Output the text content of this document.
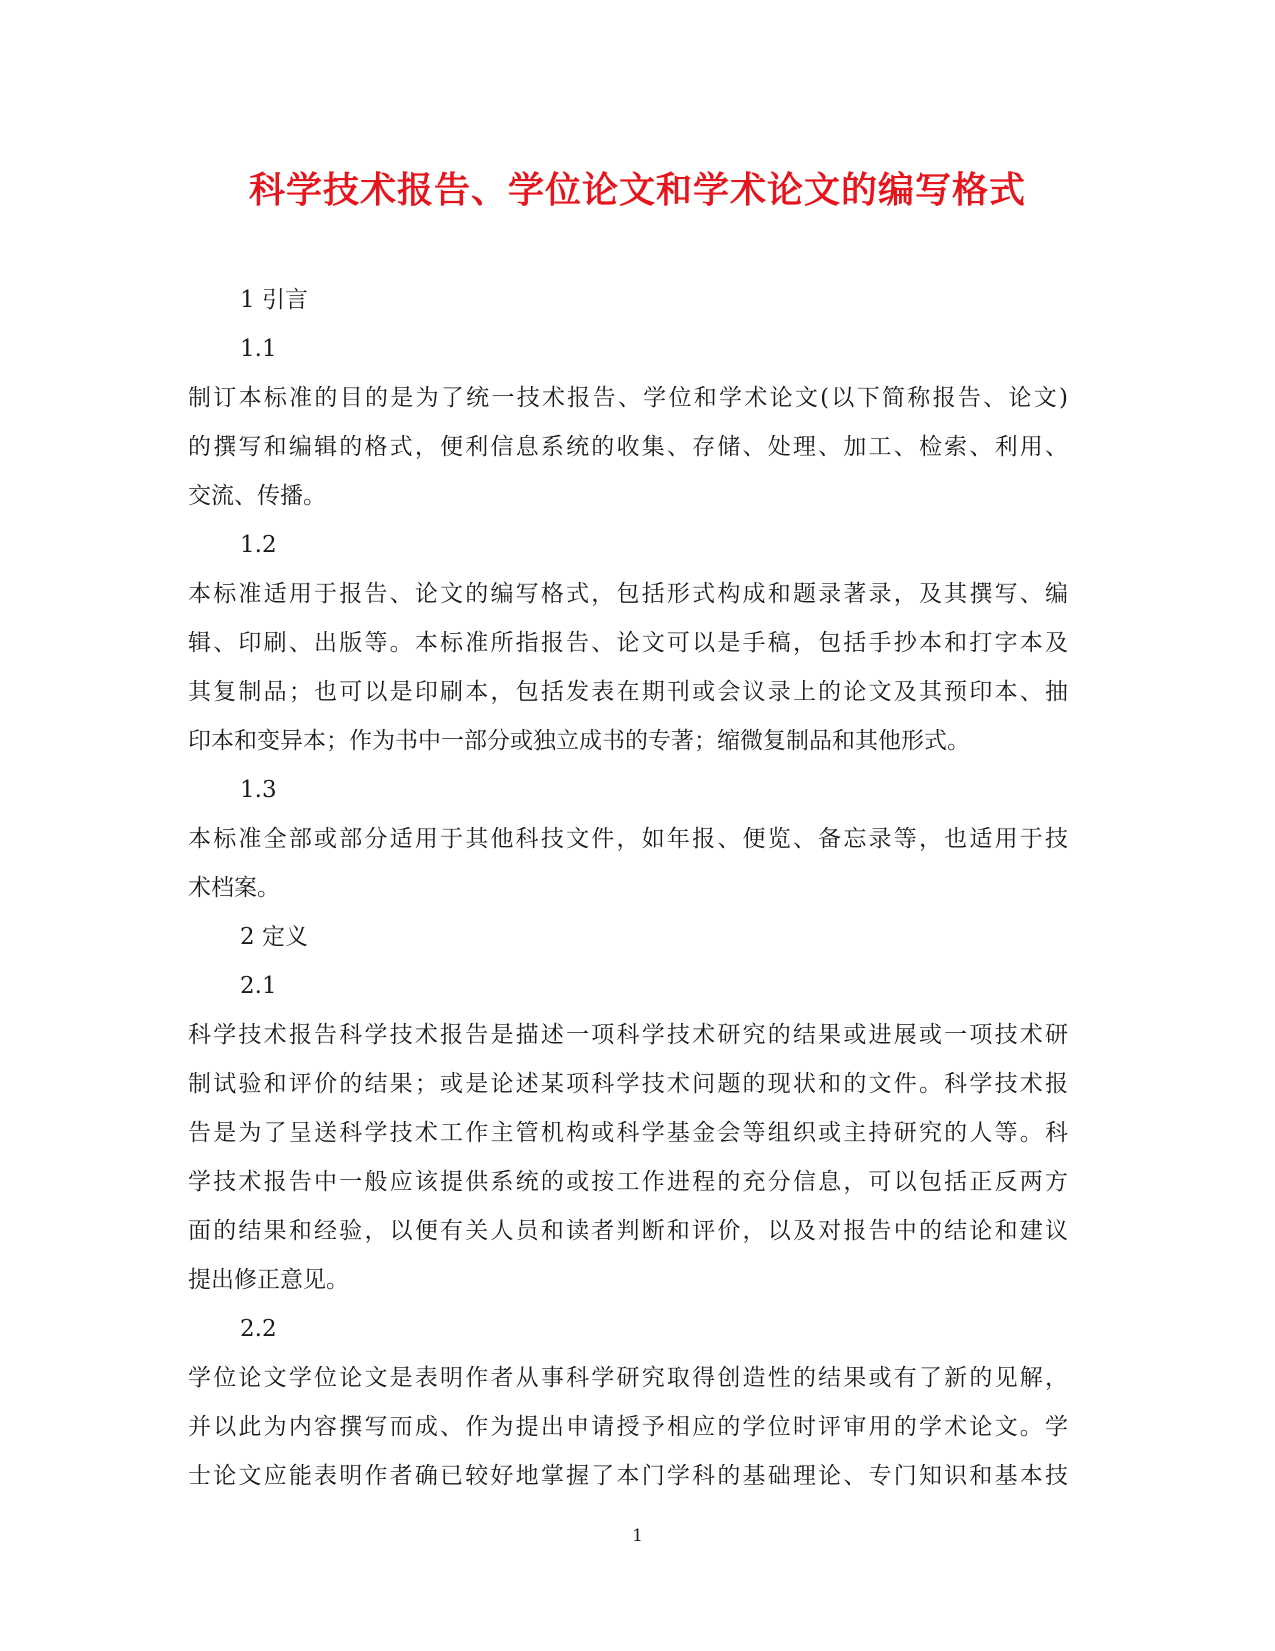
科学技术报告、学位论文和学术论文的编写格式

1 引言

1.1

制订本标准的目的是为了统一技术报告、学位和学术论文(以下简称报告、论文)
的撰写和编辑的格式，便利信息系统的收集、存储、处理、加工、检索、利用、
交流、传播。

1.2

本标准适用于报告、论文的编写格式，包括形式构成和题录著录，及其撰写、编
辑、印刷、出版等。本标准所指报告、论文可以是手稿，包括手抄本和打字本及
其复制品；也可以是印刷本，包括发表在期刊或会议录上的论文及其预印本、抽
印本和变异本；作为书中一部分或独立成书的专著；缩微复制品和其他形式。

1.3

本标准全部或部分适用于其他科技文件，如年报、便览、备忘录等，也适用于技
术档案。

2 定义

2.1

科学技术报告科学技术报告是描述一项科学技术研究的结果或进展或一项技术研
制试验和评价的结果；或是论述某项科学技术问题的现状和的文件。科学技术报
告是为了呈送科学技术工作主管机构或科学基金会等组织或主持研究的人等。科
学技术报告中一般应该提供系统的或按工作进程的充分信息，可以包括正反两方
面的结果和经验，以便有关人员和读者判断和评价，以及对报告中的结论和建议
提出修正意见。

2.2

学位论文学位论文是表明作者从事科学研究取得创造性的结果或有了新的见解，
并以此为内容撰写而成、作为提出申请授予相应的学位时评审用的学术论文。学
士论文应能表明作者确已较好地掌握了本门学科的基础理论、专门知识和基本技

1
